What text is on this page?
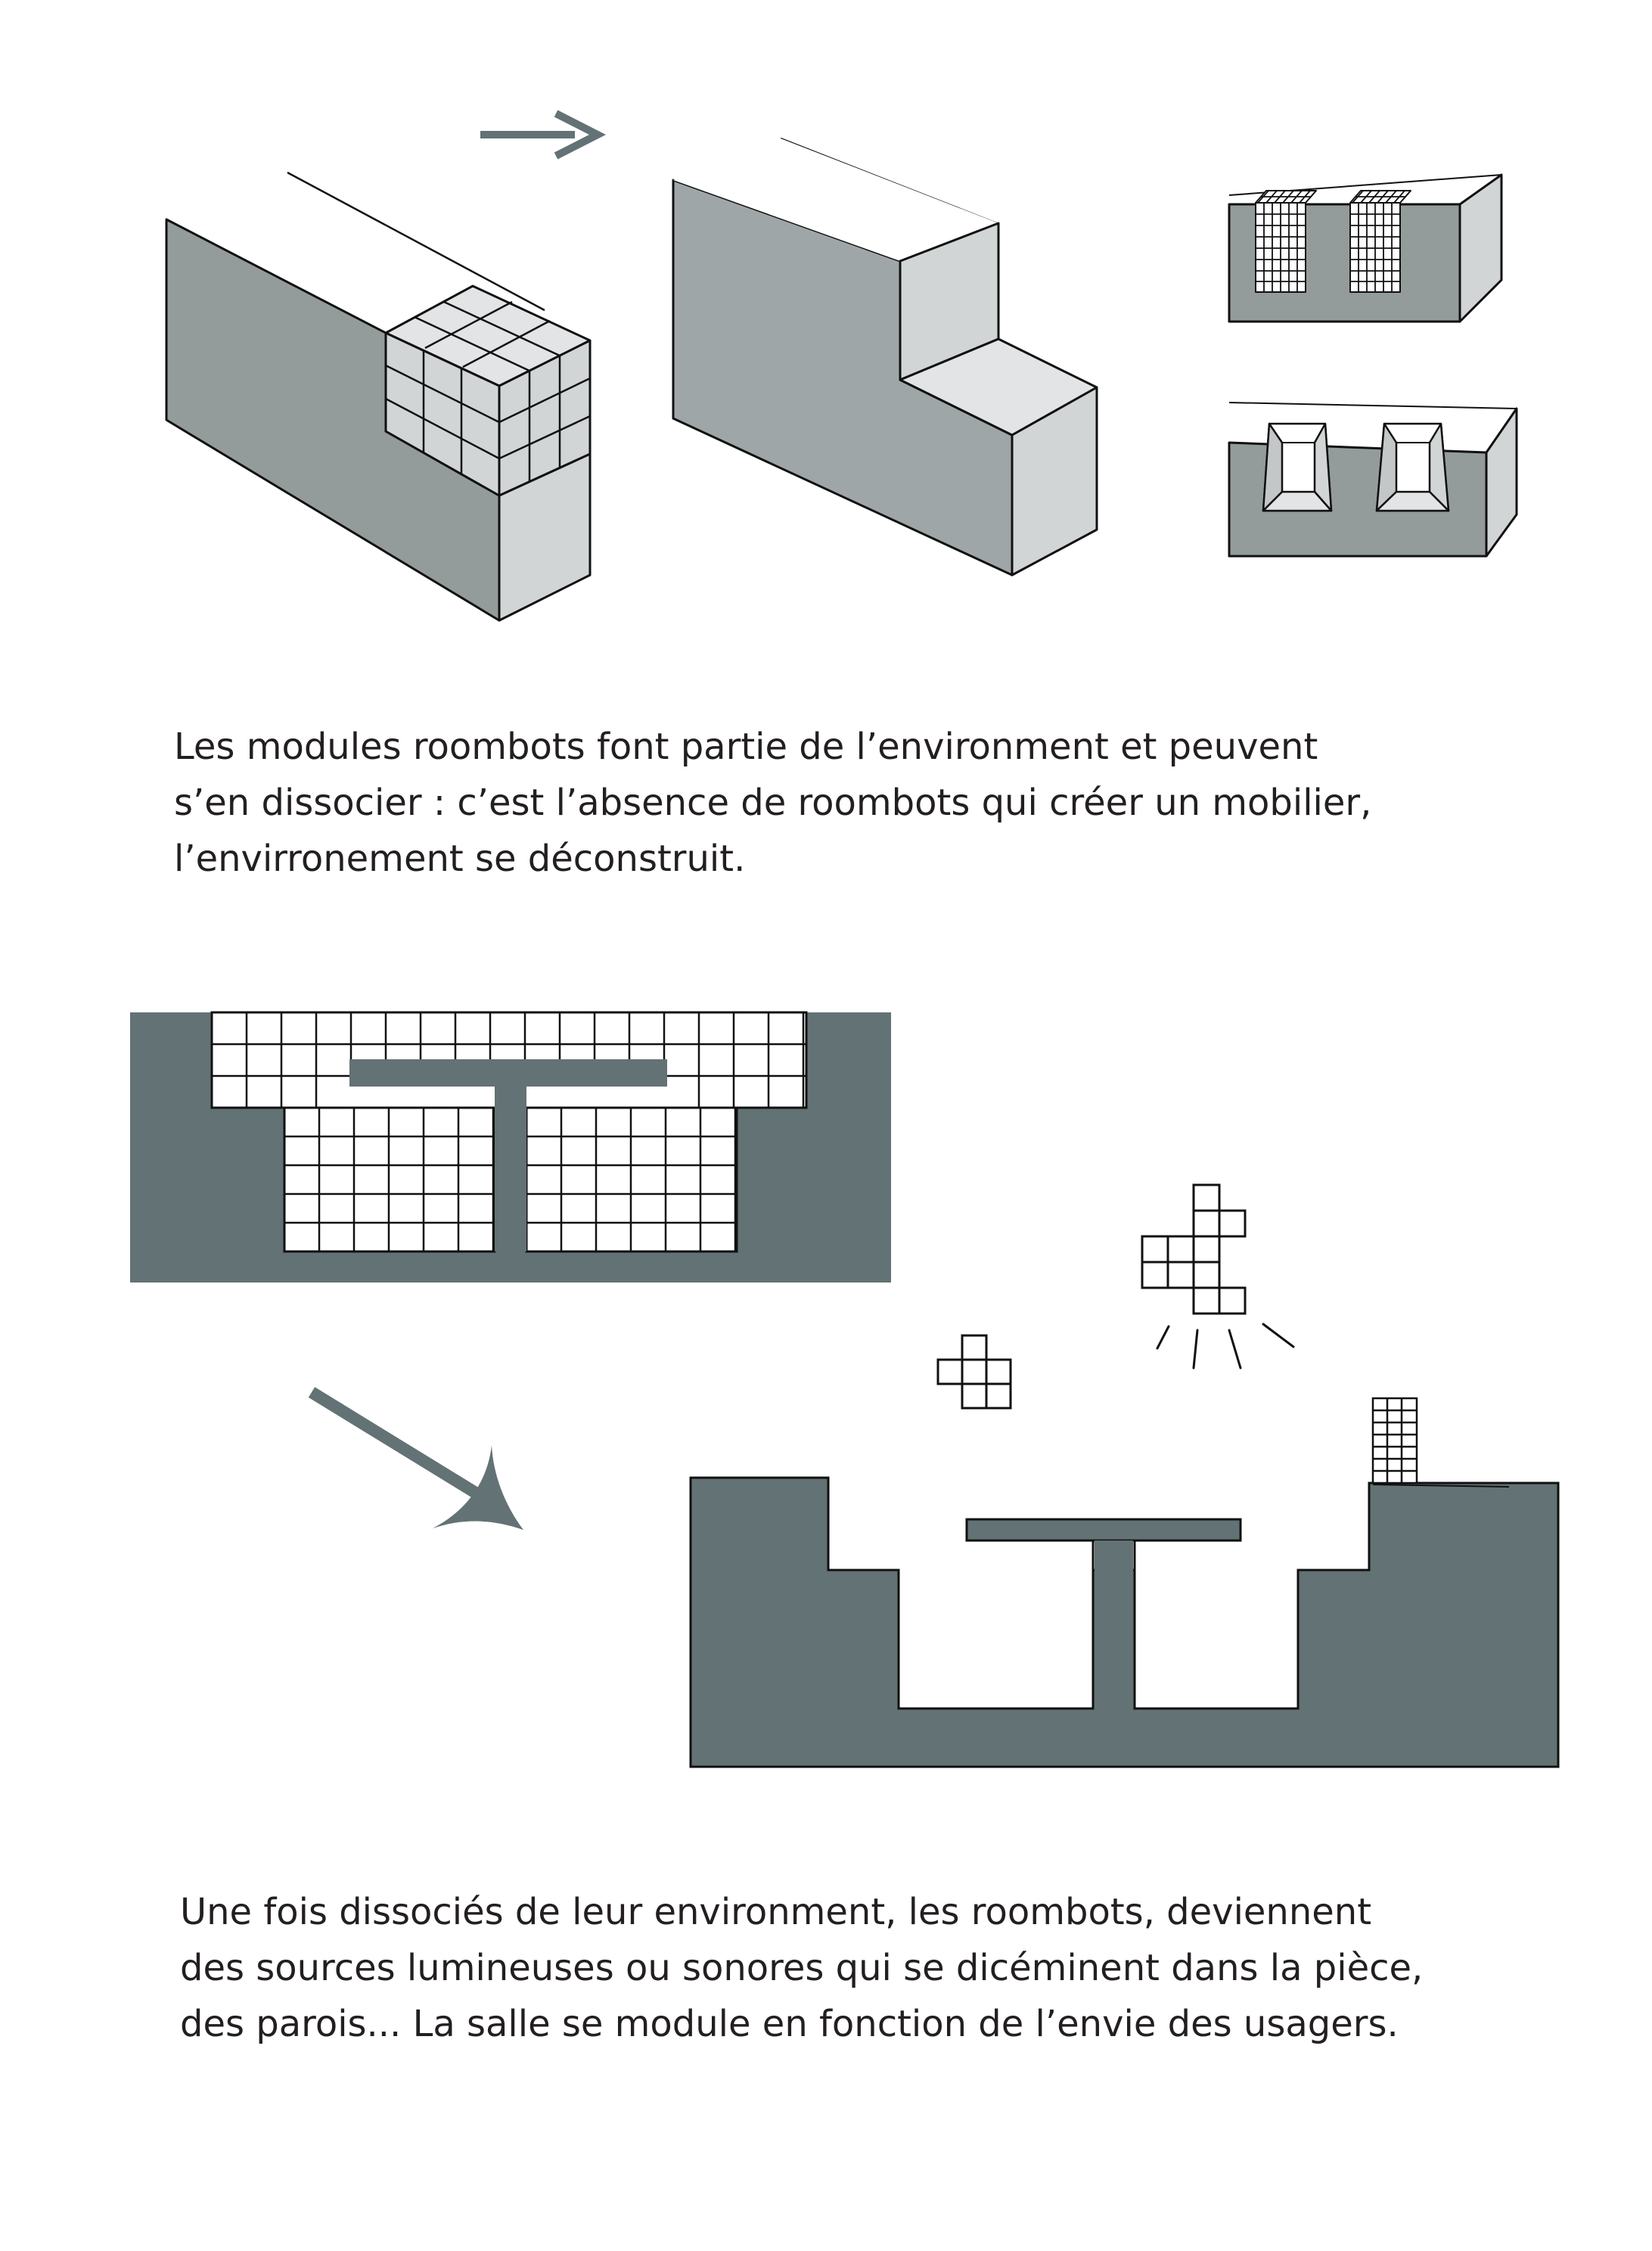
Les modules roombots font partie de l’environment et peuvent
s’en dissocier : c’est l’absence de roombots qui créer un mobilier,
l’envirronement se déconstruit.

Une fois dissociés de leur environment, les roombots, deviennent
des sources lumineuses ou sonores qui se dicéminent dans la pièce,
des parois... La salle se module en fonction de l’envie des usagers.
